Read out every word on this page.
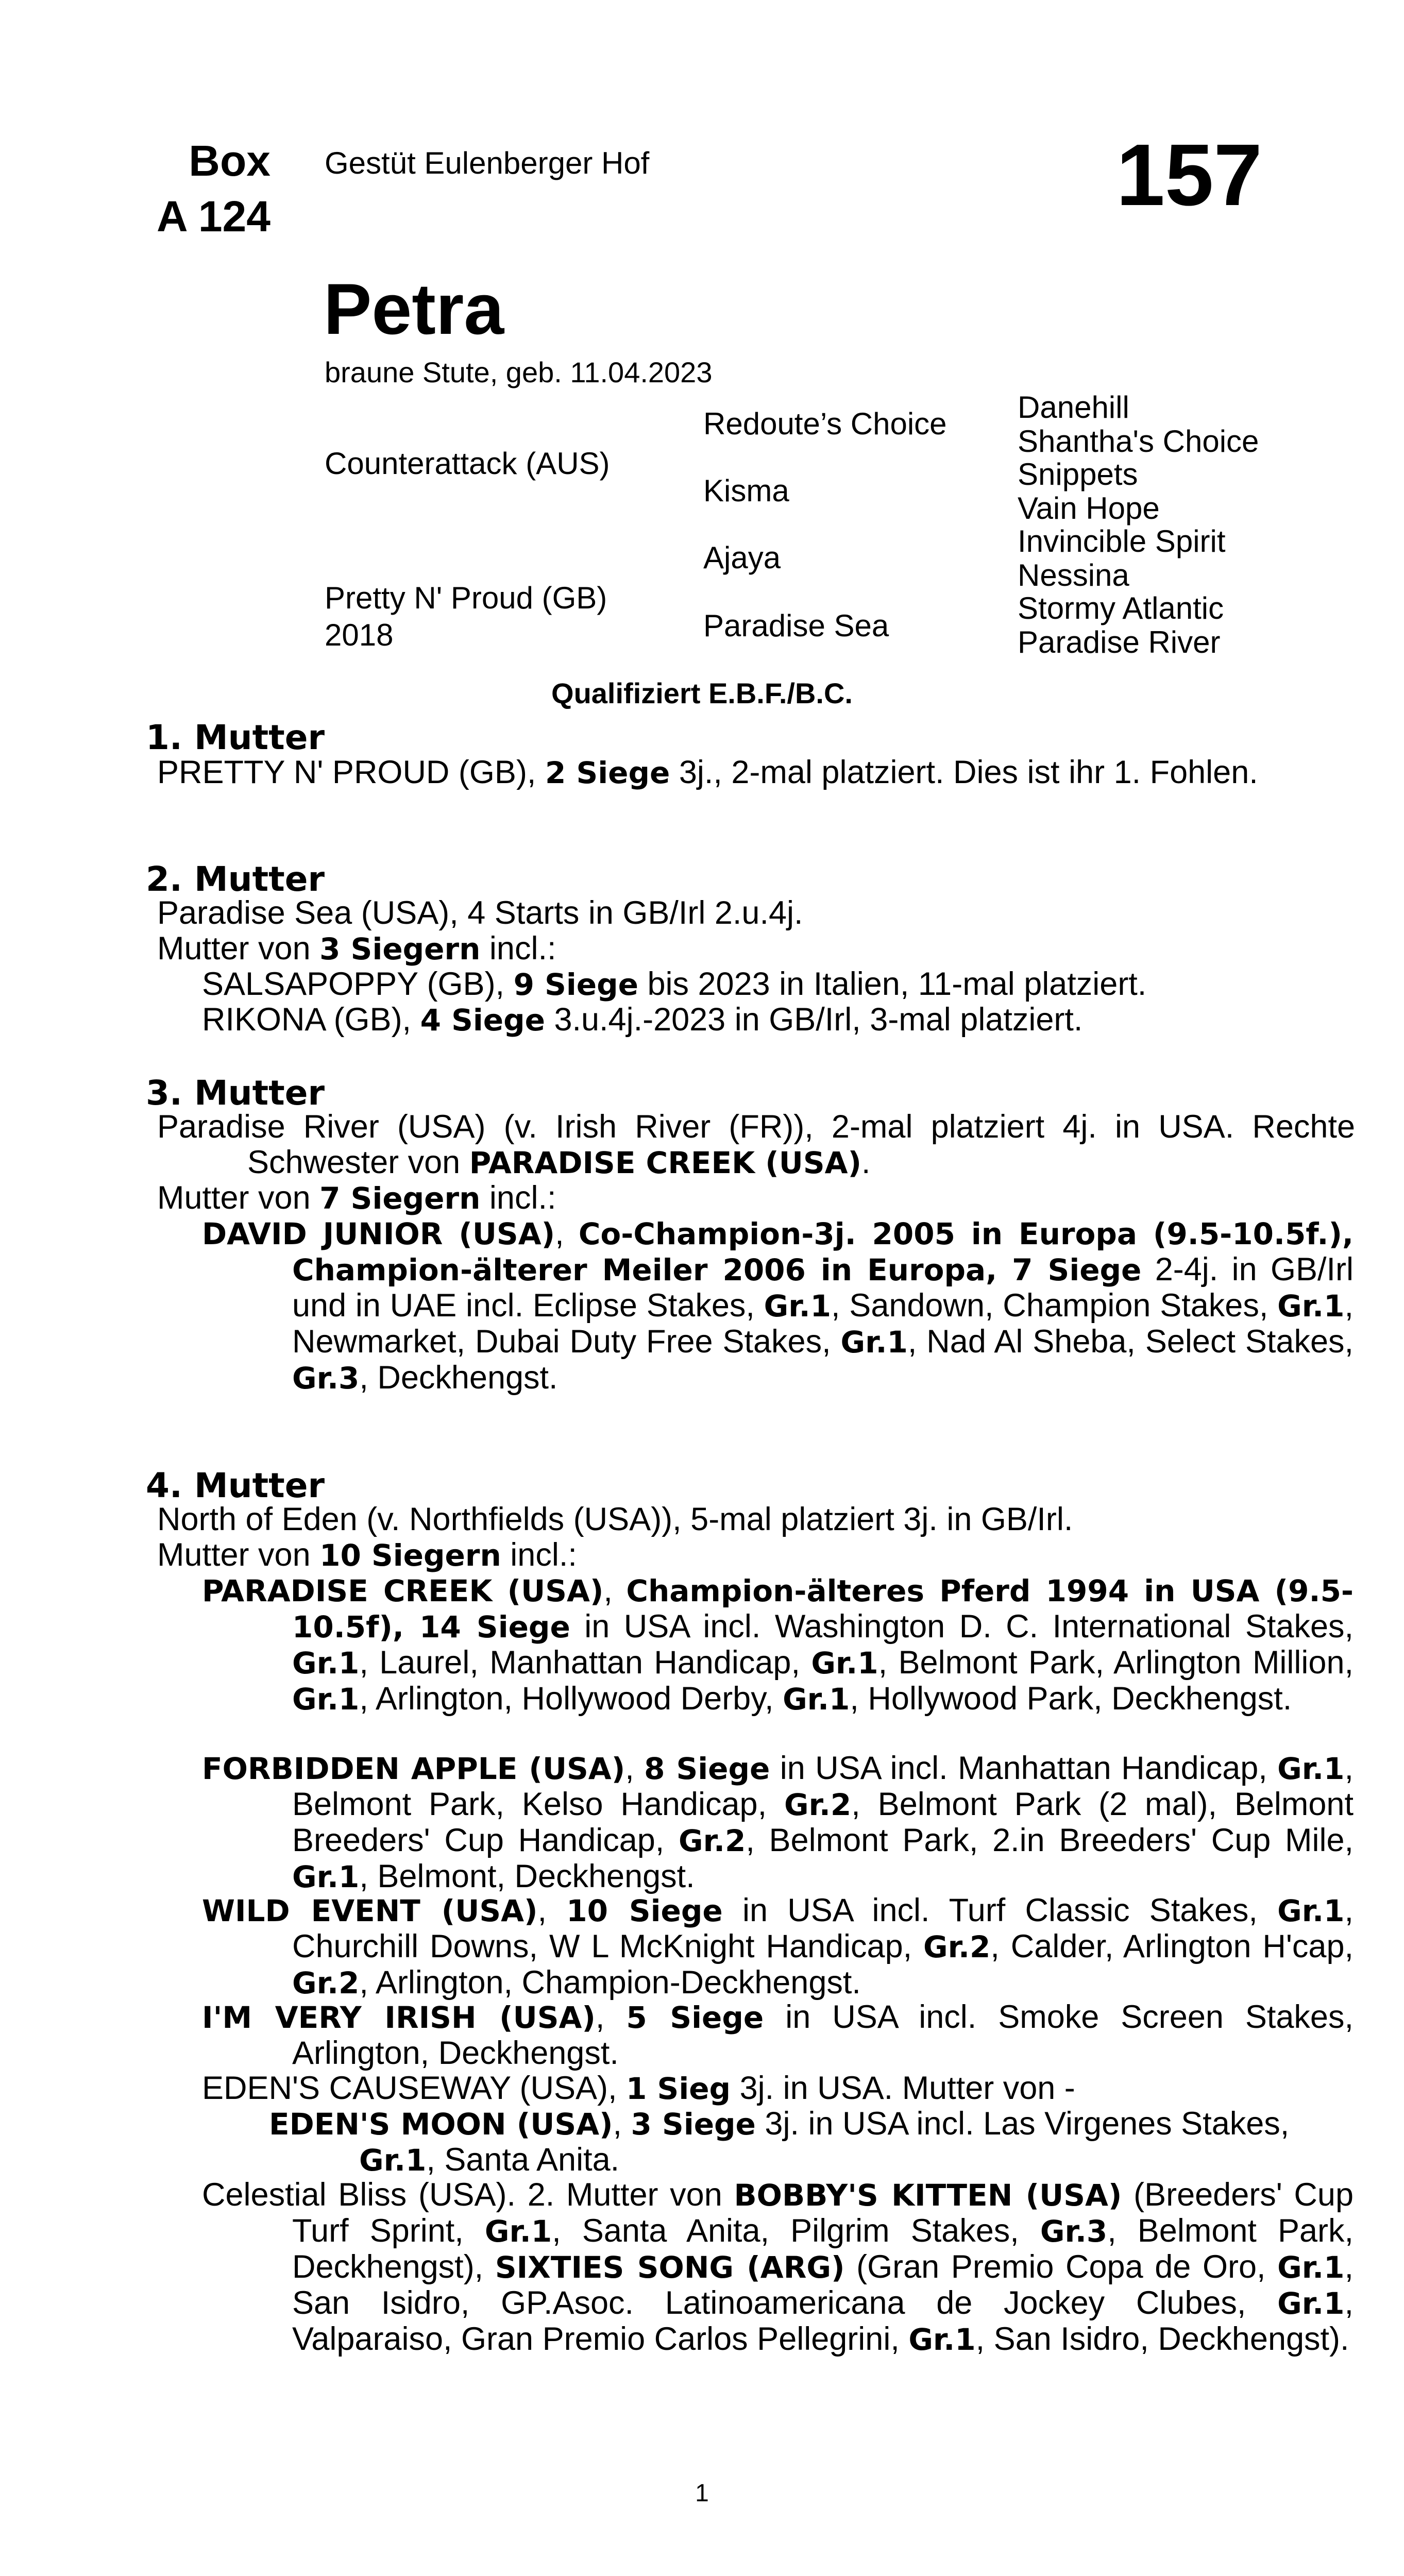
Box
A 124
Gestüt Eulenberger Hof	157
Petra
braune Stute, geb. 11.04.2023
Counterattack (AUS)
Pretty N' Proud (GB)
2018
Redoute’s Choice
Kisma
Ajaya
Paradise Sea
Danehill
Shantha's Choice
Snippets
Vain Hope
Invincible Spirit
Nessina
Stormy Atlantic
Paradise River
Qualifiziert E.B.F./B.C.
1. Mutter
PRETTY N' PROUD (GB), 2 Siege 3j., 2-mal platziert. Dies ist ihr 1. Fohlen.
2. Mutter
Paradise Sea (USA), 4 Starts in GB/Irl 2.u.4j.
Mutter von 3 Siegern incl.:
SALSAPOPPY (GB), 9 Siege bis 2023 in Italien, 11-mal platziert.
RIKONA (GB), 4 Siege 3.u.4j.-2023 in GB/Irl, 3-mal platziert.
3. Mutter
Paradise River (USA) (v. Irish River (FR)), 2-mal platziert 4j. in USA. Rechte Schwester von PARADISE CREEK (USA).
Mutter von 7 Siegern incl.:
DAVID JUNIOR (USA), Co-Champion-3j. 2005 in Europa (9.5-10.5f.), Champion-älterer Meiler 2006 in Europa, 7 Siege 2-4j. in GB/Irl und in UAE incl. Eclipse Stakes, Gr.1, Sandown, Champion Stakes, Gr.1, Newmarket, Dubai Duty Free Stakes, Gr.1, Nad Al Sheba, Select Stakes, Gr.3, Deckhengst.
4. Mutter
North of Eden (v. Northfields (USA)), 5-mal platziert 3j. in GB/Irl.
Mutter von 10 Siegern incl.:
PARADISE CREEK (USA), Champion-älteres Pferd 1994 in USA (9.5-10.5f), 14 Siege in USA incl. Washington D. C. International Stakes, Gr.1, Laurel, Manhattan Handicap, Gr.1, Belmont Park, Arlington Million, Gr.1, Arlington, Hollywood Derby, Gr.1, Hollywood Park, Deckhengst.
FORBIDDEN APPLE (USA), 8 Siege in USA incl. Manhattan Handicap, Gr.1, Belmont Park, Kelso Handicap, Gr.2, Belmont Park (2 mal), Belmont Breeders' Cup Handicap, Gr.2, Belmont Park, 2.in Breeders' Cup Mile, Gr.1, Belmont, Deckhengst.
WILD EVENT (USA), 10 Siege in USA incl. Turf Classic Stakes, Gr.1, Churchill Downs, W L McKnight Handicap, Gr.2, Calder, Arlington H'cap, Gr.2, Arlington, Champion-Deckhengst.
I'M VERY IRISH (USA), 5 Siege in USA incl. Smoke Screen Stakes, Arlington, Deckhengst.
EDEN'S CAUSEWAY (USA), 1 Sieg 3j. in USA. Mutter von -
EDEN'S MOON (USA), 3 Siege 3j. in USA incl. Las Virgenes Stakes, Gr.1, Santa Anita.
Celestial Bliss (USA). 2. Mutter von BOBBY'S KITTEN (USA) (Breeders' Cup Turf Sprint, Gr.1, Santa Anita, Pilgrim Stakes, Gr.3, Belmont Park, Deckhengst), SIXTIES SONG (ARG) (Gran Premio Copa de Oro, Gr.1, San Isidro, GP.Asoc. Latinoamericana de Jockey Clubes, Gr.1, Valparaiso, Gran Premio Carlos Pellegrini, Gr.1, San Isidro, Deckhengst).
1
